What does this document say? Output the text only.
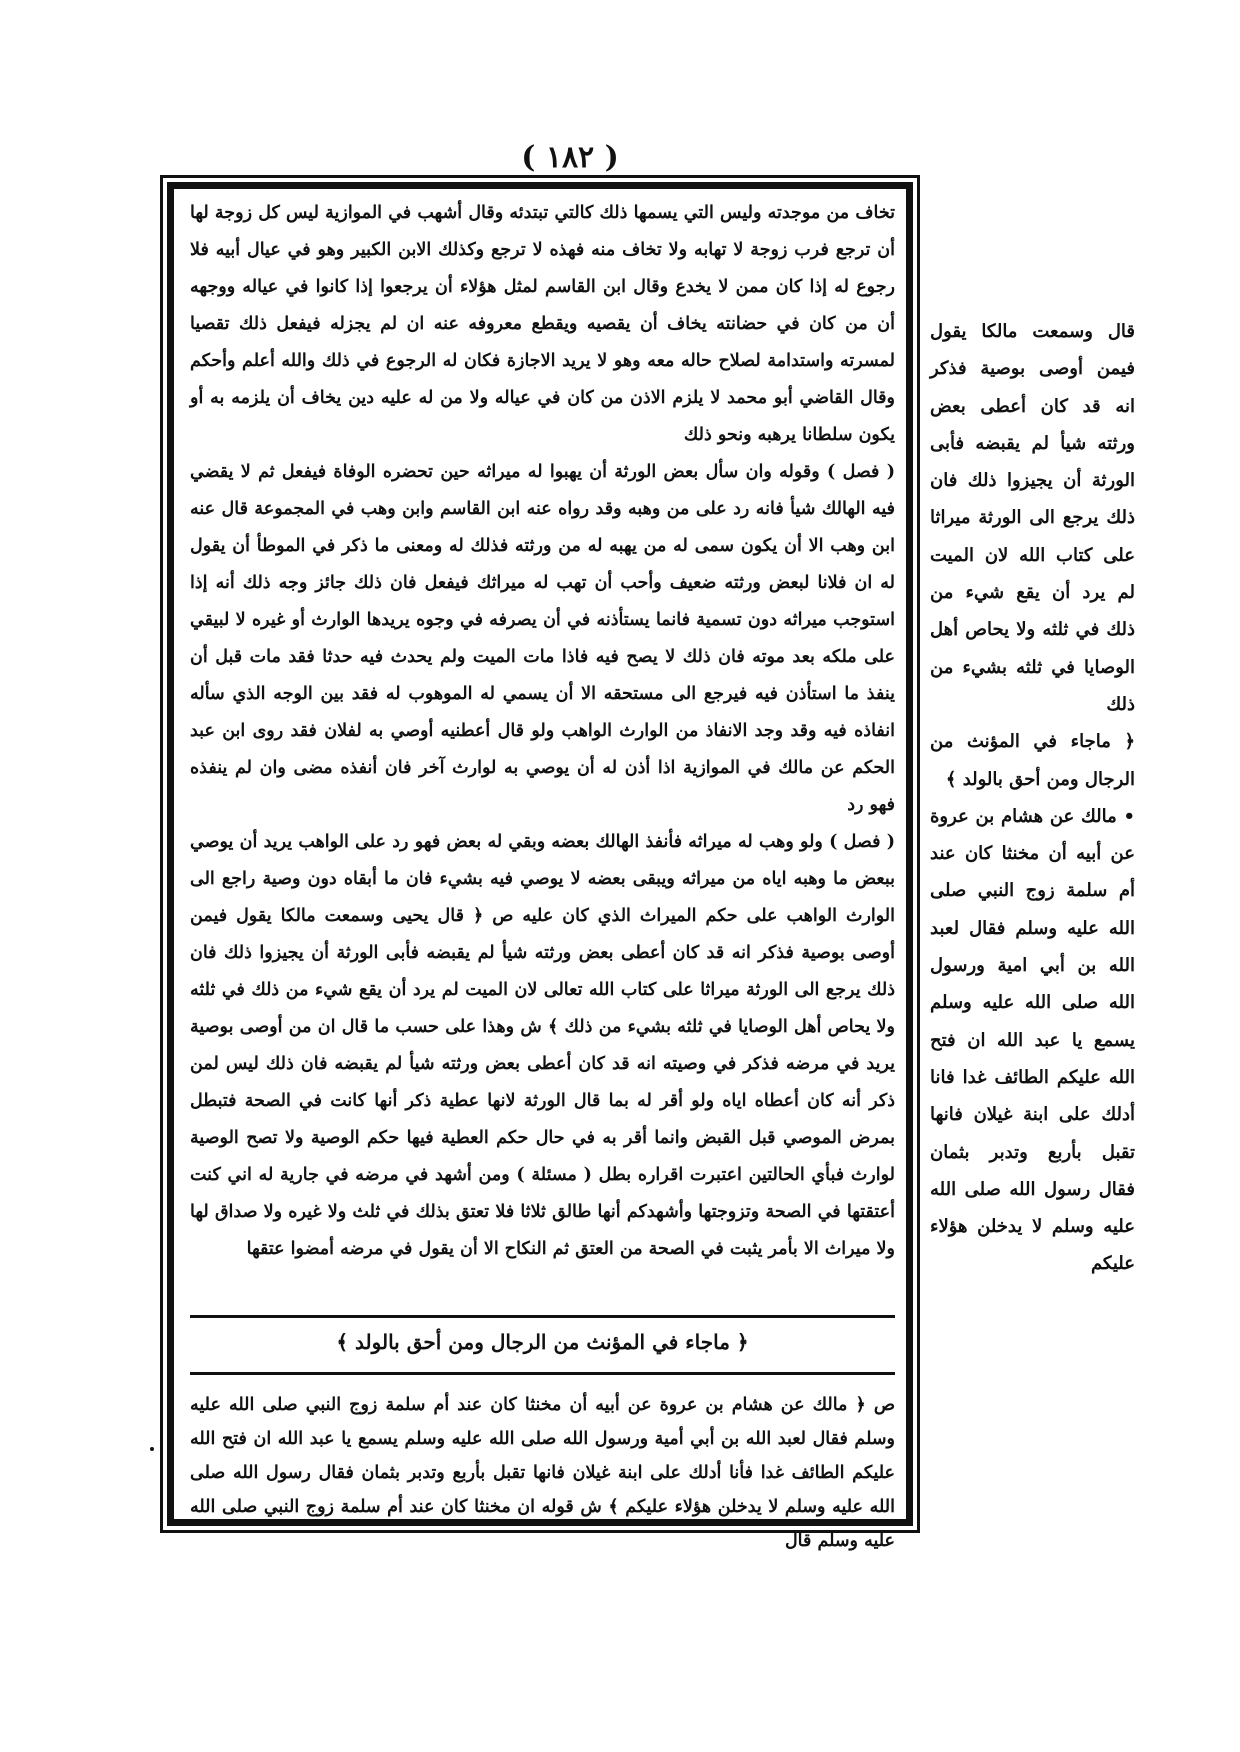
( ١٨٢ )

تخاف من موجدته وليس التي يسمها ذلك كالتي تبتدئه وقال أشهب في الموازية ليس كل زوجة لها أن ترجع فرب زوجة لا تهابه ولا تخاف منه فهذه لا ترجع وكذلك الابن الكبير وهو في عيال أبيه فلا رجوع له إذا كان ممن لا يخدع وقال ابن القاسم لمثل هؤلاء أن يرجعوا إذا كانوا في عياله ووجهه أن من كان في حضانته يخاف أن يقصيه ويقطع معروفه عنه ان لم يجزله فيفعل ذلك تقصيا لمسرته واستدامة لصلاح حاله معه وهو لا يريد الاجازة فكان له الرجوع في ذلك والله أعلم وأحكم وقال القاضي أبو محمد لا يلزم الاذن من كان في عياله ولا من له عليه دين يخاف أن يلزمه به أو يكون سلطانا يرهبه ونحو ذلك

( فصل ) وقوله وان سأل بعض الورثة أن يهبوا له ميراثه حين تحضره الوفاة فيفعل ثم لا يقضي فيه الهالك شيأ فانه رد على من وهبه وقد رواه عنه ابن القاسم وابن وهب في المجموعة قال عنه ابن وهب الا أن يكون سمى له من يهبه له من ورثته فذلك له ومعنى ما ذكر في الموطأ أن يقول له ان فلانا لبعض ورثته ضعيف وأحب أن تهب له ميراثك فيفعل فان ذلك جائز وجه ذلك أنه إذا استوجب ميراثه دون تسمية فانما يستأذنه في أن يصرفه في وجوه يريدها الوارث أو غيره لا لبيقي على ملكه بعد موته فان ذلك لا يصح فيه فاذا مات الميت ولم يحدث فيه حدثا فقد مات قبل أن ينفذ ما استأذن فيه فيرجع الى مستحقه الا أن يسمي له الموهوب له فقد بين الوجه الذي سأله انفاذه فيه وقد وجد الانفاذ من الوارث الواهب ولو قال أعطنيه أوصي به لفلان فقد روى ابن عبد الحكم عن مالك في الموازية اذا أذن له أن يوصي به لوارث آخر فان أنفذه مضى وان لم ينفذه فهو رد

( فصل ) ولو وهب له ميراثه فأنفذ الهالك بعضه وبقي له بعض فهو رد على الواهب يريد أن يوصي ببعض ما وهبه اياه من ميراثه ويبقى بعضه لا يوصي فيه بشيء فان ما أبقاه دون وصية راجع الى الوارث الواهب على حكم الميراث الذي كان عليه ص ﴿ قال يحيى وسمعت مالكا يقول فيمن أوصى بوصية فذكر انه قد كان أعطى بعض ورثته شيأ لم يقبضه فأبى الورثة أن يجيزوا ذلك فان ذلك يرجع الى الورثة ميراثا على كتاب الله تعالى لان الميت لم يرد أن يقع شيء من ذلك في ثلثه ولا يحاص أهل الوصايا في ثلثه بشيء من ذلك ﴾ ش وهذا على حسب ما قال ان من أوصى بوصية يريد في مرضه فذكر في وصيته انه قد كان أعطى بعض ورثته شيأ لم يقبضه فان ذلك ليس لمن ذكر أنه كان أعطاه اياه ولو أقر له بما قال الورثة لانها عطية ذكر أنها كانت في الصحة فتبطل بمرض الموصي قبل القبض وانما أقر به في حال حكم العطية فيها حكم الوصية ولا تصح الوصية لوارث فبأي الحالتين اعتبرت اقراره بطل ( مسئلة ) ومن أشهد في مرضه في جارية له اني كنت أعتقتها في الصحة وتزوجتها وأشهدكم أنها طالق ثلاثا فلا تعتق بذلك في ثلث ولا غيره ولا صداق لها ولا ميراث الا بأمر يثبت في الصحة من العتق ثم النكاح الا أن يقول في مرضه أمضوا عتقها

قال وسمعت مالكا يقول فيمن أوصى بوصية فذكر انه قد كان أعطى بعض ورثته شيأ لم يقبضه فأبى الورثة أن يجيزوا ذلك فان ذلك يرجع الى الورثة ميراثا على كتاب الله لان الميت لم يرد أن يقع شيء من ذلك في ثلثه ولا يحاص أهل الوصايا في ثلثه بشيء من ذلك

﴿ ماجاء في المؤنث من الرجال ومن أحق بالولد ﴾

• مالك عن هشام بن عروة عن أبيه أن مخنثا كان عند أم سلمة زوج النبي صلى الله عليه وسلم فقال لعبد الله بن أبي امية ورسول الله صلى الله عليه وسلم يسمع يا عبد الله ان فتح الله عليكم الطائف غدا فانا أدلك على ابنة غيلان فانها تقبل بأربع وتدبر بثمان فقال رسول الله صلى الله عليه وسلم لا يدخلن هؤلاء عليكم

﴿ ماجاء في المؤنث من الرجال ومن أحق بالولد ﴾

ص ﴿ مالك عن هشام بن عروة عن أبيه أن مخنثا كان عند أم سلمة زوج النبي صلى الله عليه وسلم فقال لعبد الله بن أبي أمية ورسول الله صلى الله عليه وسلم يسمع يا عبد الله ان فتح الله عليكم الطائف غدا فأنا أدلك على ابنة غيلان فانها تقبل بأربع وتدبر بثمان فقال رسول الله صلى الله عليه وسلم لا يدخلن هؤلاء عليكم ﴾ ش قوله ان مخنثا كان عند أم سلمة زوج النبي صلى الله عليه وسلم قال
